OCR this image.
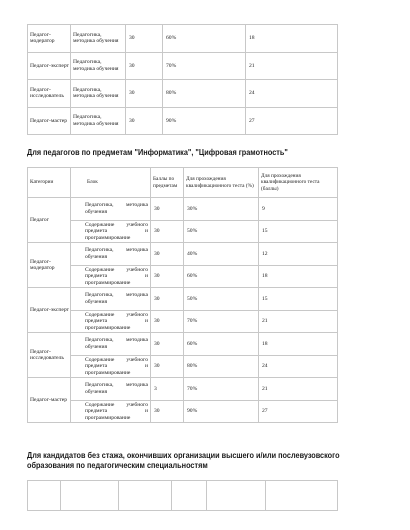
Педагог-модератор	Педагогика, методика обучения	30	60%	18
Педагог-эксперт	Педагогика, методика обучения	30	70%	21
Педагог-исследователь	Педагогика, методика обучения	30	80%	24
Педагог-мастер	Педагогика, методика обучения	30	90%	27
Для педагогов по предметам "Информатика", "Цифровая грамотность"
Категории	Блок	Баллы по предметам	Для прохождения квалификационного теста (%)	Для прохождения квалификационного теста (баллы)
Педагог	Педагогика, методика обучения	30	30%	9
	Содержание учебного предмета и программирование	30	50%	15
Педагог-модератор	Педагогика, методика обучения	30	40%	12
	Содержание учебного предмета и программирование	30	60%	18
Педагог-эксперт	Педагогика, методика обучения	30	50%	15
	Содержание учебного предмета и программирование	30	70%	21
Педагог-исследователь	Педагогика, методика обучения	30	60%	18
	Содержание учебного предмета и программирование	30	80%	24
Педагог-мастер	Педагогика, методика обучения	3	70%	21
	Содержание учебного предмета и программирование	30	90%	27
Для кандидатов без стажа, окончивших организации высшего и/или послевузовского образования по педагогическим специальностям
